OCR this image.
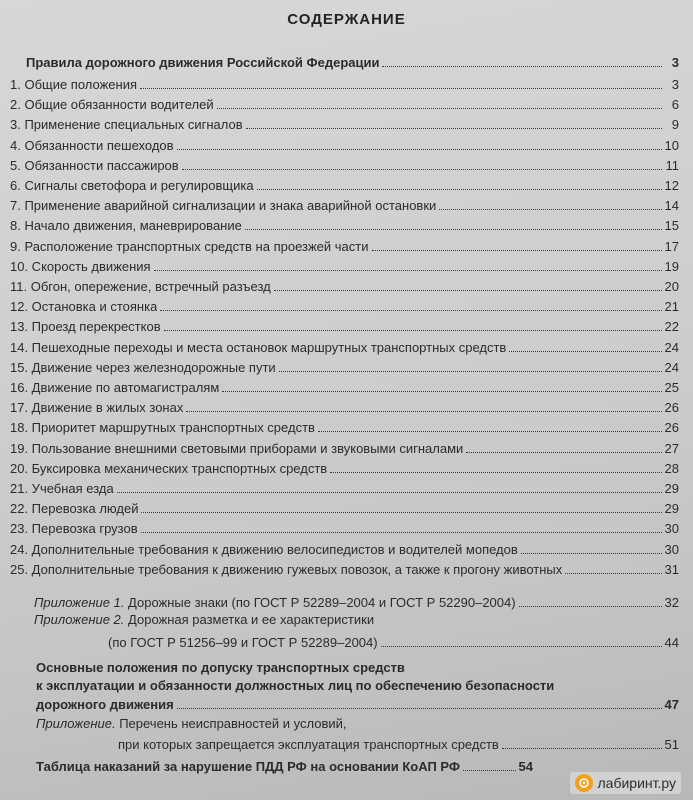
СОДЕРЖАНИЕ
Правила дорожного движения Российской Федерации	3
1. Общие положения	3
2. Общие обязанности водителей	6
3. Применение специальных сигналов	9
4. Обязанности пешеходов	10
5. Обязанности пассажиров	11
6. Сигналы светофора и регулировщика	12
7. Применение аварийной сигнализации и знака аварийной остановки	14
8. Начало движения, маневрирование	15
9. Расположение транспортных средств на проезжей части	17
10. Скорость движения	19
11. Обгон, опережение, встречный разъезд	20
12. Остановка и стоянка	21
13. Проезд перекрестков	22
14. Пешеходные переходы и места остановок маршрутных транспортных средств	24
15. Движение через железнодорожные пути	24
16. Движение по автомагистралям	25
17. Движение в жилых зонах	26
18. Приоритет маршрутных транспортных средств	26
19. Пользование внешними световыми приборами и звуковыми сигналами	27
20. Буксировка механических транспортных средств	28
21. Учебная езда	29
22. Перевозка людей	29
23. Перевозка грузов	30
24. Дополнительные требования к движению велосипедистов и водителей мопедов	30
25. Дополнительные требования к движению гужевых повозок, а также к прогону животных	31
Приложение 1. Дорожные знаки (по ГОСТ Р 52289–2004 и ГОСТ Р 52290–2004)	32
Приложение 2. Дорожная разметка и ее характеристики
(по ГОСТ Р 51256–99 и ГОСТ Р 52289–2004)	44
Основные положения по допуску транспортных средств
к эксплуатации и обязанности должностных лиц по обеспечению безопасности
дорожного движения	47
Приложение. Перечень неисправностей и условий,
при которых запрещается эксплуатация транспортных средств	51
Таблица наказаний за нарушение ПДД РФ на основании КоАП РФ	54
лабиринт.ру
